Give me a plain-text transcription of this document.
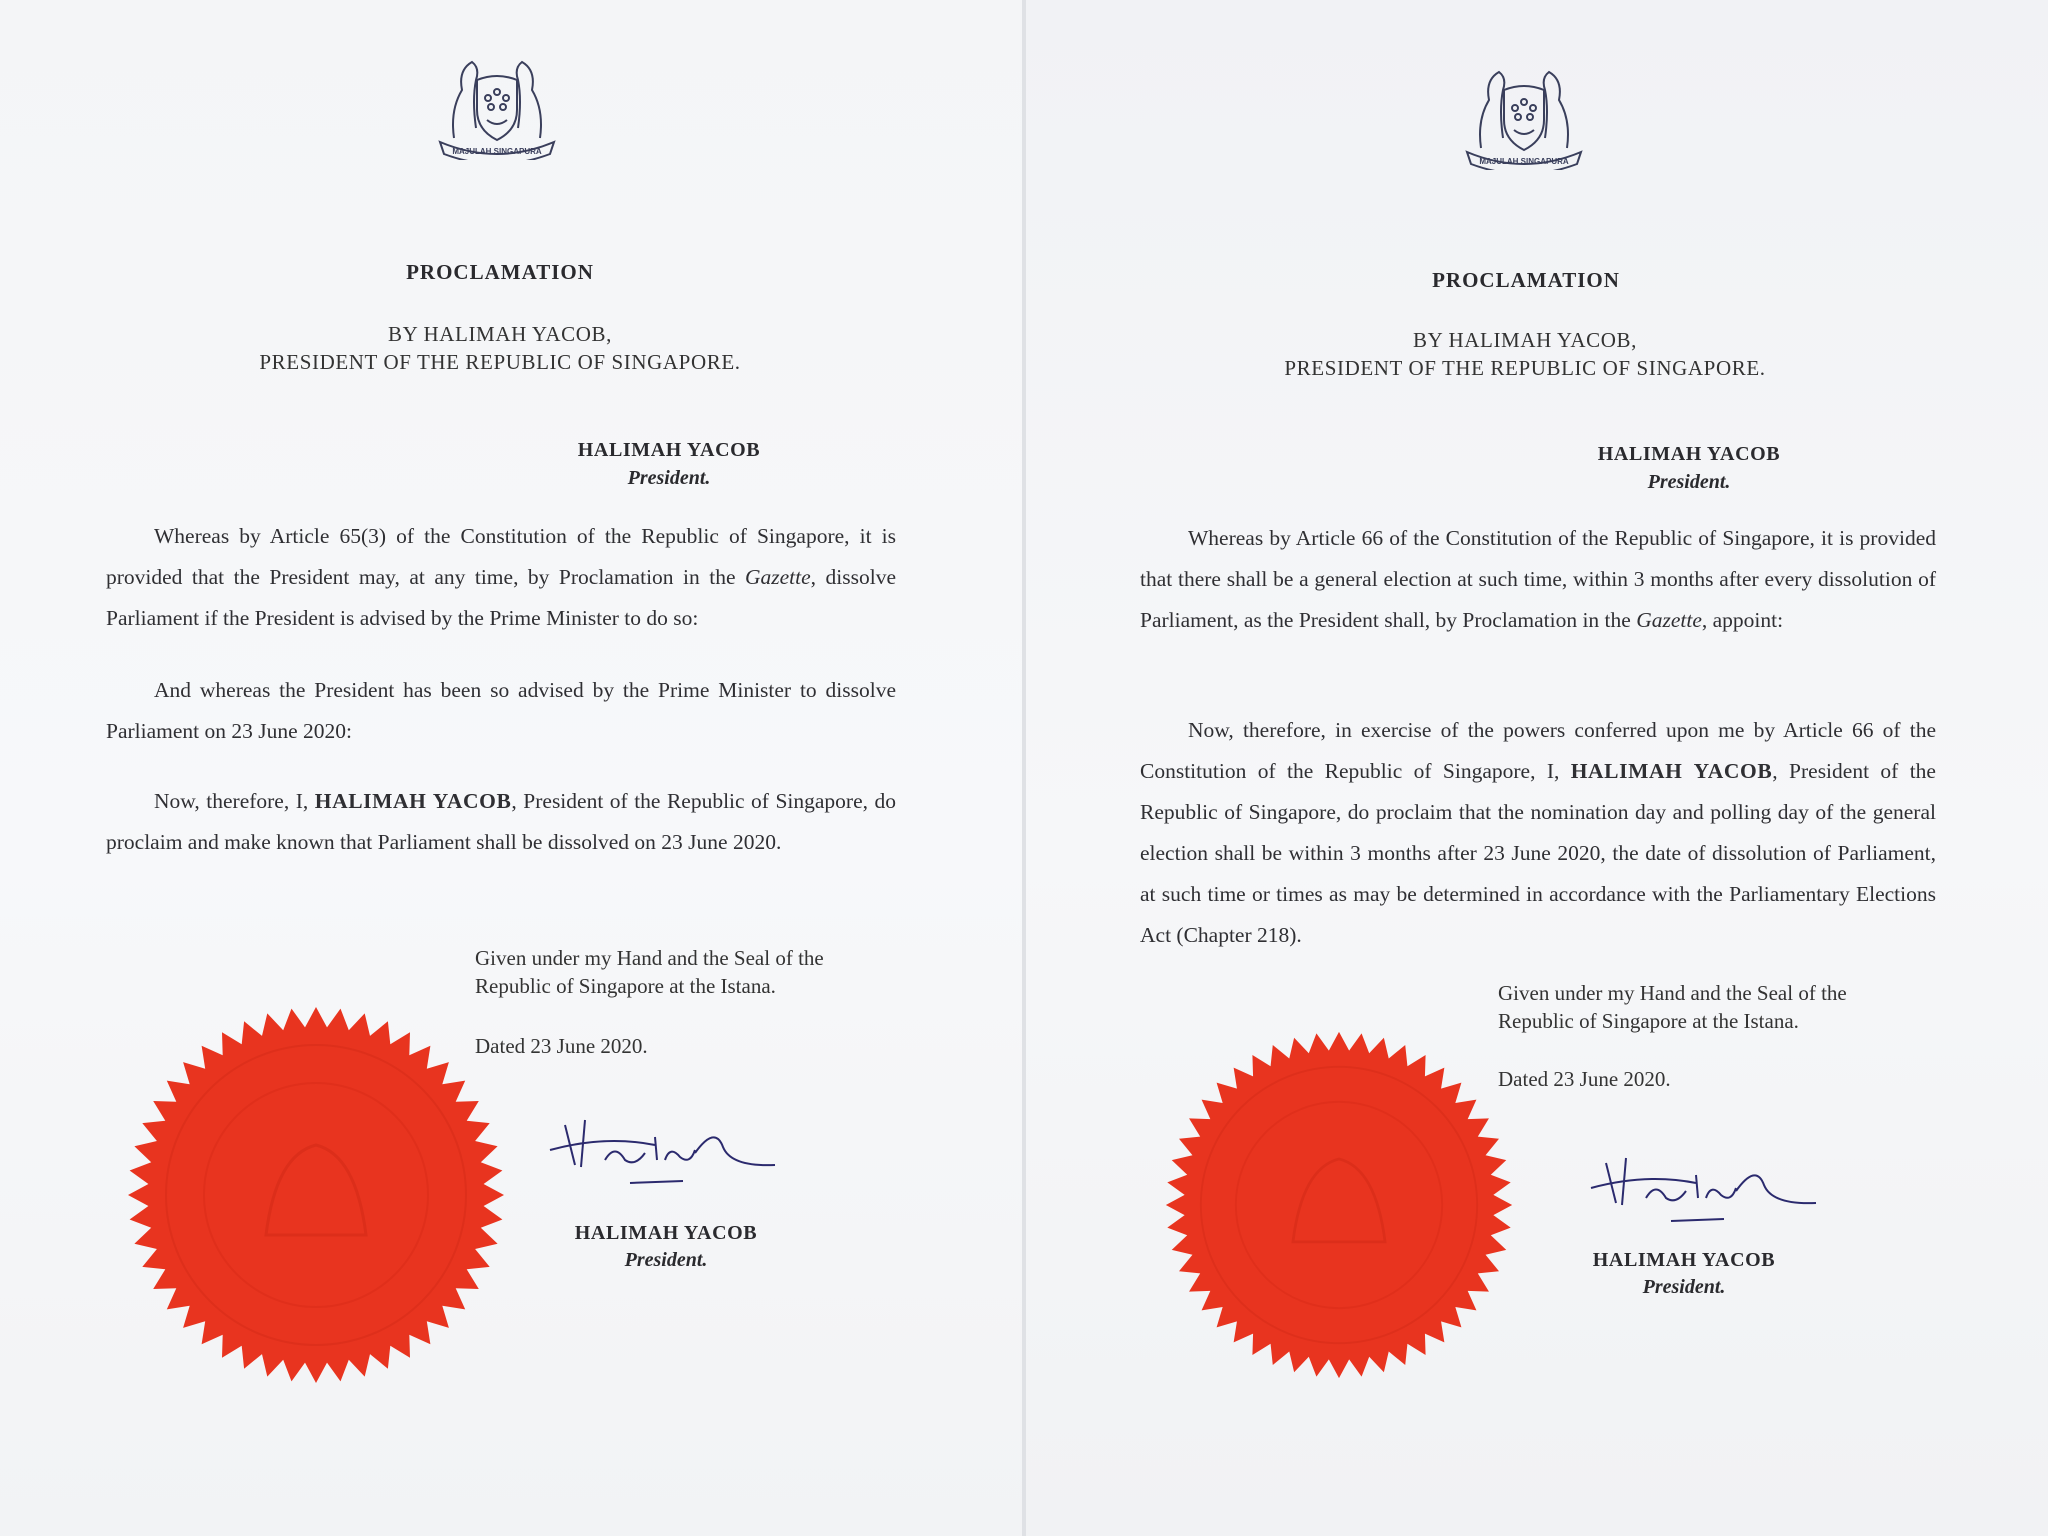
MAJULAH SINGAPURA
PROCLAMATION
BY HALIMAH YACOB,
PRESIDENT OF THE REPUBLIC OF SINGAPORE.
HALIMAH YACOB
President.
Whereas by Article 65(3) of the Constitution of the Republic of Singapore, it is provided that the President may, at any time, by Proclamation in the Gazette, dissolve Parliament if the President is advised by the Prime Minister to do so:
And whereas the President has been so advised by the Prime Minister to dissolve Parliament on 23 June 2020:
Now, therefore, I, HALIMAH YACOB, President of the Republic of Singapore, do proclaim and make known that Parliament shall be dissolved on 23 June 2020.
Given under my Hand and the Seal of the
Republic of Singapore at the Istana.
Dated 23 June 2020.
HALIMAH YACOB
President.
MAJULAH SINGAPURA
PROCLAMATION
BY HALIMAH YACOB,
PRESIDENT OF THE REPUBLIC OF SINGAPORE.
HALIMAH YACOB
President.
Whereas by Article 66 of the Constitution of the Republic of Singapore, it is provided that there shall be a general election at such time, within 3 months after every dissolution of Parliament, as the President shall, by Proclamation in the Gazette, appoint:
Now, therefore, in exercise of the powers conferred upon me by Article 66 of the Constitution of the Republic of Singapore, I, HALIMAH YACOB, President of the Republic of Singapore, do proclaim that the nomination day and polling day of the general election shall be within 3 months after 23 June 2020, the date of dissolution of Parliament, at such time or times as may be determined in accordance with the Parliamentary Elections Act (Chapter 218).
Given under my Hand and the Seal of the
Republic of Singapore at the Istana.
Dated 23 June 2020.
HALIMAH YACOB
President.
